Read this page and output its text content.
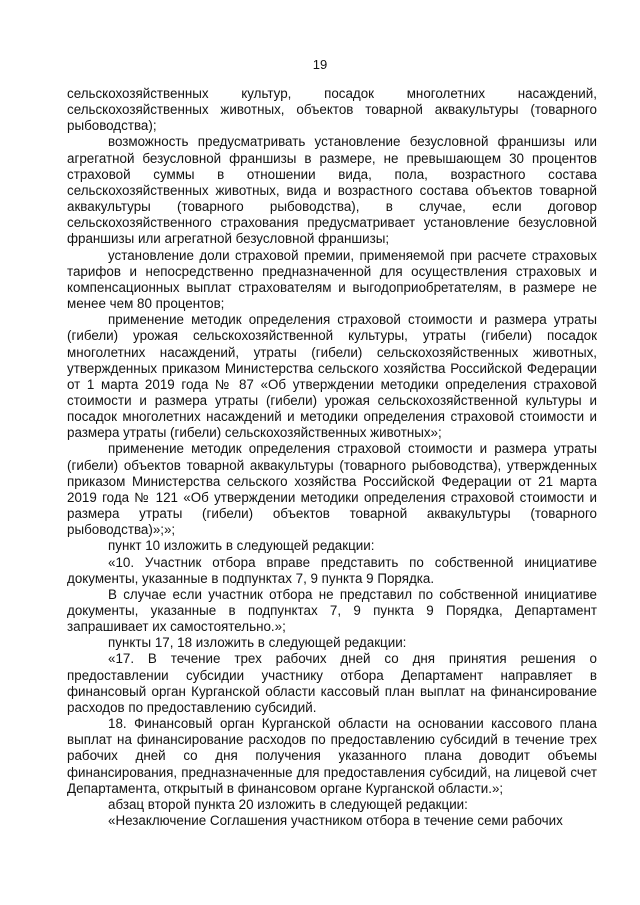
19

сельскохозяйственных культур, посадок многолетних насаждений, сельскохозяйственных животных, объектов товарной аквакультуры (товарного рыбоводства);

возможность предусматривать установление безусловной франшизы или агрегатной безусловной франшизы в размере, не превышающем 30 процентов страховой суммы в отношении вида, пола, возрастного состава сельскохозяйственных животных, вида и возрастного состава объектов товарной аквакультуры (товарного рыбоводства), в случае, если договор сельскохозяйственного страхования предусматривает установление безусловной франшизы или агрегатной безусловной франшизы;

установление доли страховой премии, применяемой при расчете страховых тарифов и непосредственно предназначенной для осуществления страховых и компенсационных выплат страхователям и выгодоприобретателям, в размере не менее чем 80 процентов;

применение методик определения страховой стоимости и размера утраты (гибели) урожая сельскохозяйственной культуры, утраты (гибели) посадок многолетних насаждений, утраты (гибели) сельскохозяйственных животных, утвержденных приказом Министерства сельского хозяйства Российской Федерации от 1 марта 2019 года № 87 «Об утверждении методики определения страховой стоимости и размера утраты (гибели) урожая сельскохозяйственной культуры и посадок многолетних насаждений и методики определения страховой стоимости и размера утраты (гибели) сельскохозяйственных животных»;

применение методик определения страховой стоимости и размера утраты (гибели) объектов товарной аквакультуры (товарного рыбоводства), утвержденных приказом Министерства сельского хозяйства Российской Федерации от 21 марта 2019 года № 121 «Об утверждении методики определения страховой стоимости и размера утраты (гибели) объектов товарной аквакультуры (товарного рыбоводства)»;»;

пункт 10 изложить в следующей редакции:

«10. Участник отбора вправе представить по собственной инициативе документы, указанные в подпунктах 7, 9 пункта 9 Порядка.

В случае если участник отбора не представил по собственной инициативе документы, указанные в подпунктах 7, 9 пункта 9 Порядка, Департамент запрашивает их самостоятельно.»;

пункты 17, 18 изложить в следующей редакции:

«17. В течение трех рабочих дней со дня принятия решения о предоставлении субсидии участнику отбора Департамент направляет в финансовый орган Курганской области кассовый план выплат на финансирование расходов по предоставлению субсидий.

18. Финансовый орган Курганской области на основании кассового плана выплат на финансирование расходов по предоставлению субсидий в течение трех рабочих дней со дня получения указанного плана доводит объемы финансирования, предназначенные для предоставления субсидий, на лицевой счет Департамента, открытый в финансовом органе Курганской области.»;

абзац второй пункта 20 изложить в следующей редакции:

«Незаключение Соглашения участником отбора в течение семи рабочих
